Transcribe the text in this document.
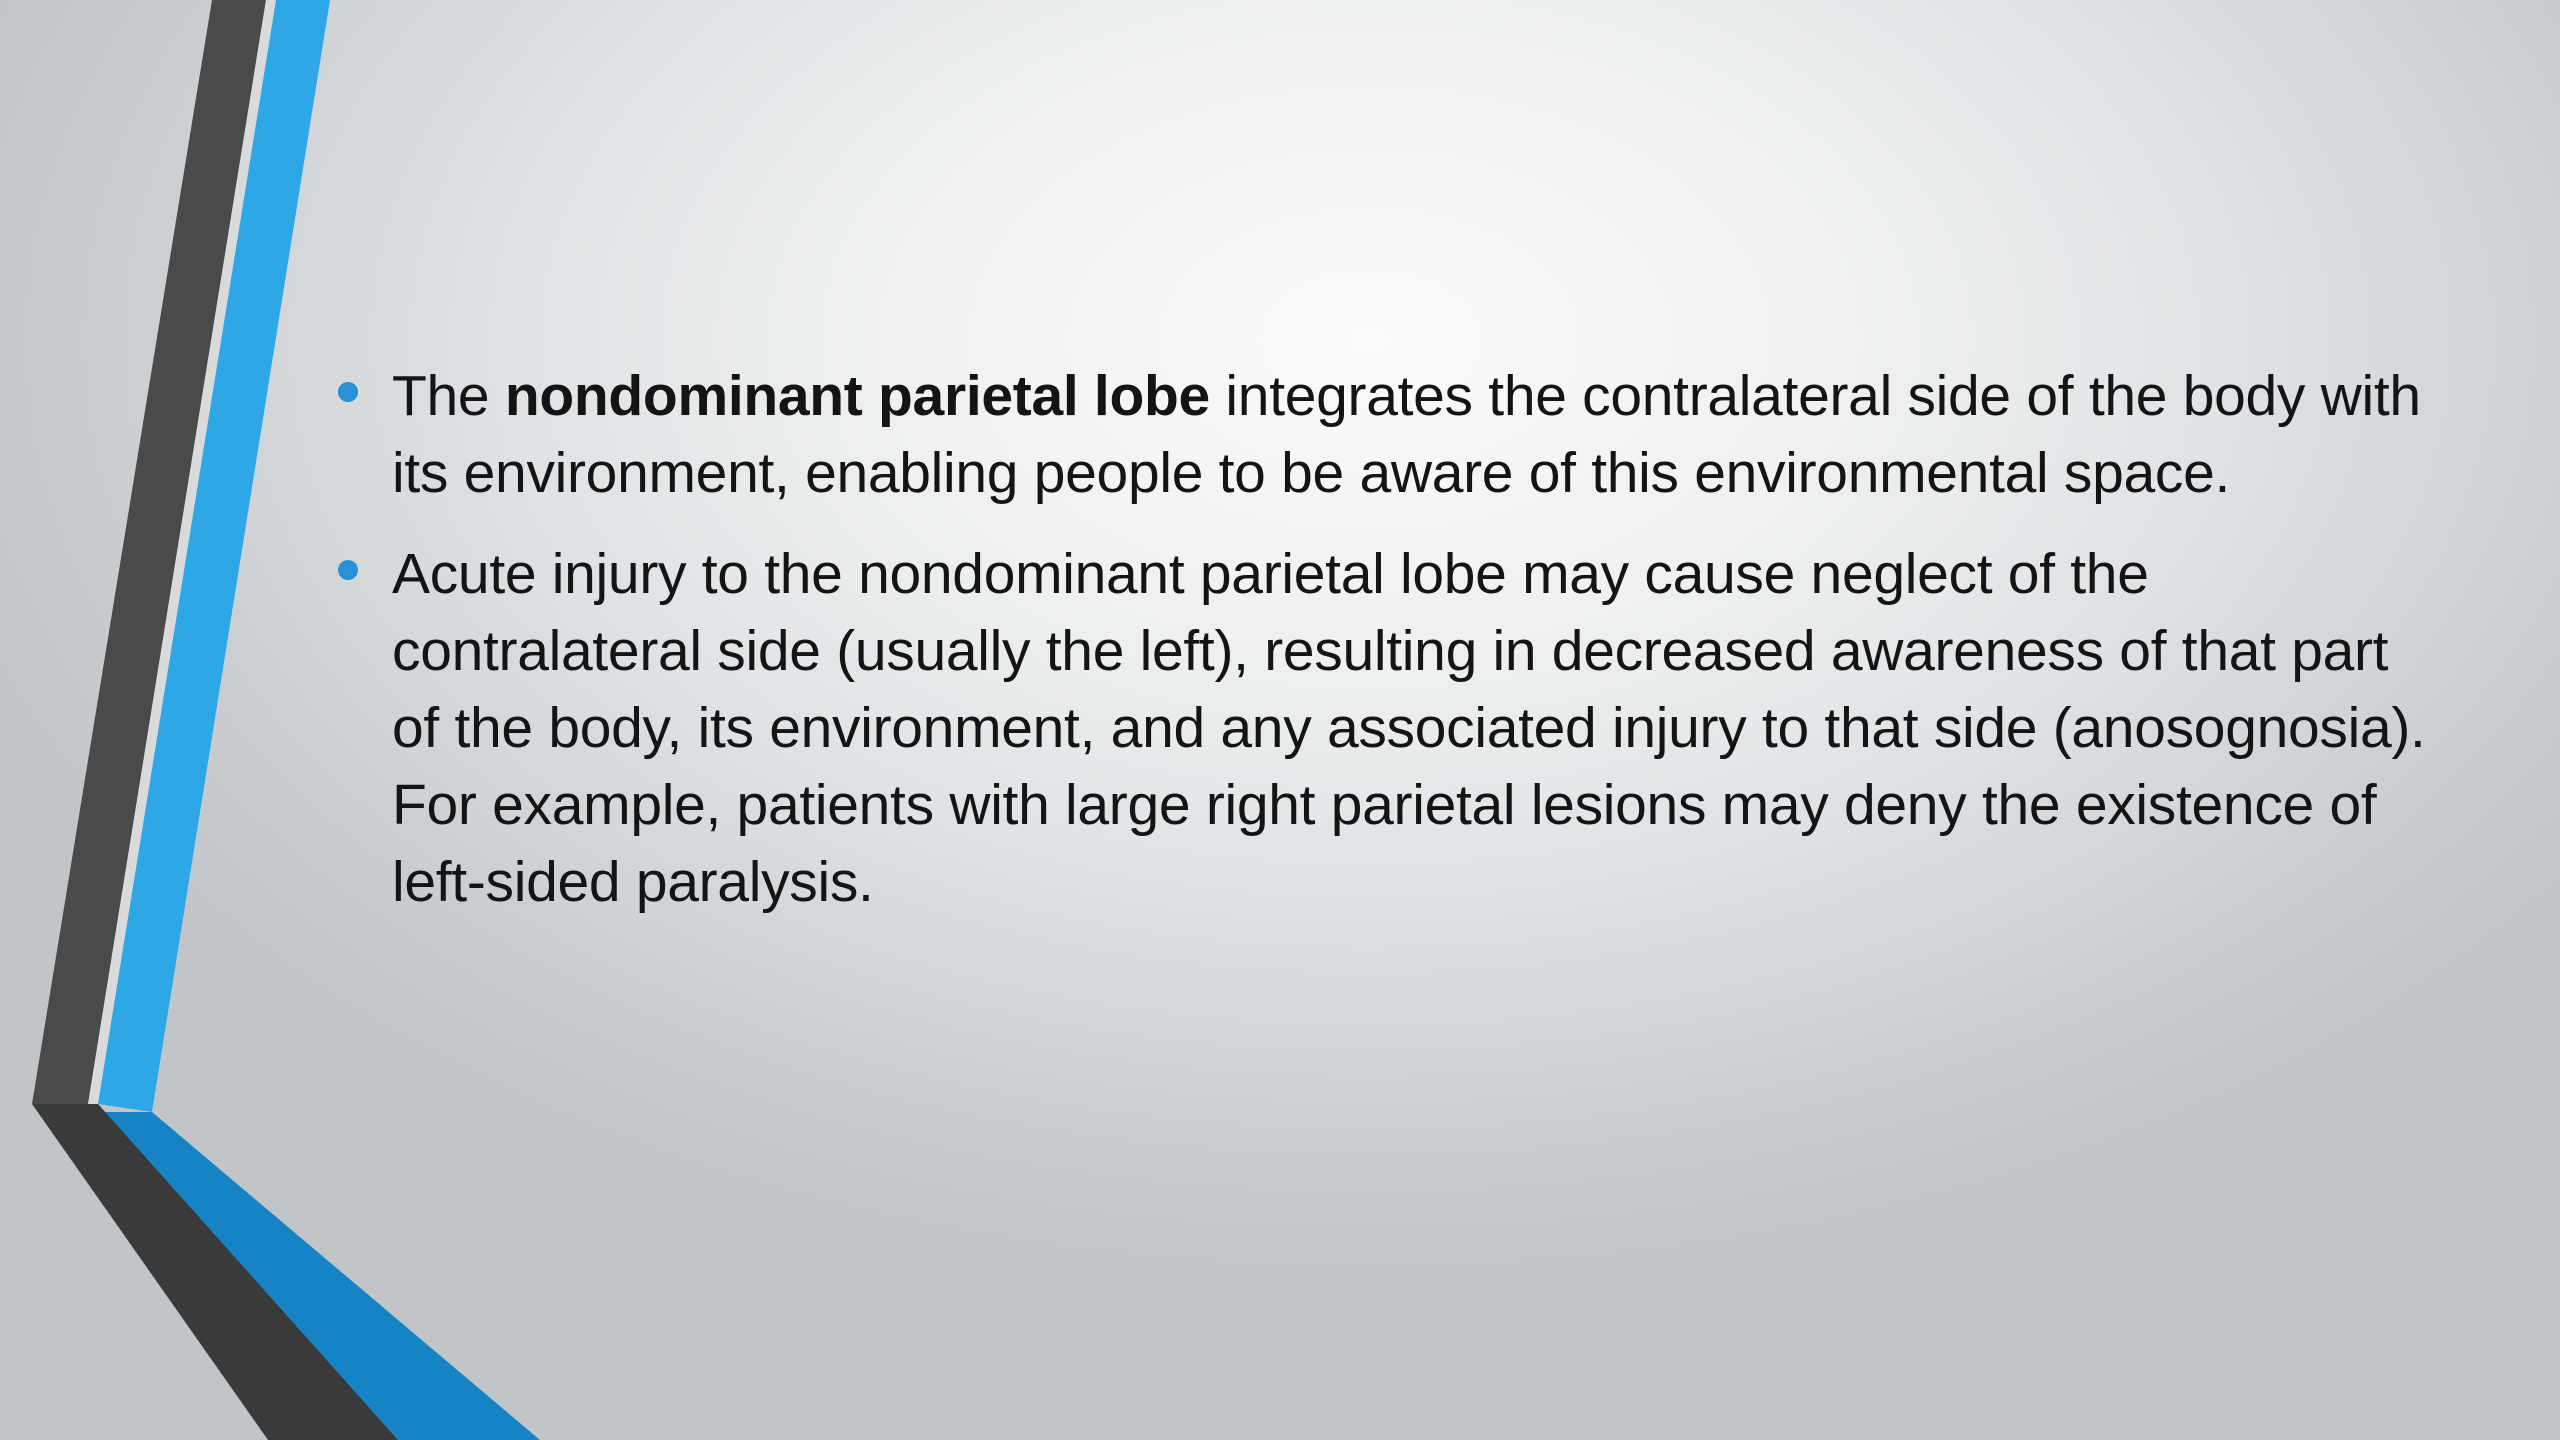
The nondominant parietal lobe integrates the contralateral side of the body with its environment, enabling people to be aware of this environmental space.
Acute injury to the nondominant parietal lobe may cause neglect of the contralateral side (usually the left), resulting in decreased awareness of that part of the body, its environment, and any associated injury to that side (anosognosia). For example, patients with large right parietal lesions may deny the existence of left-sided paralysis.
